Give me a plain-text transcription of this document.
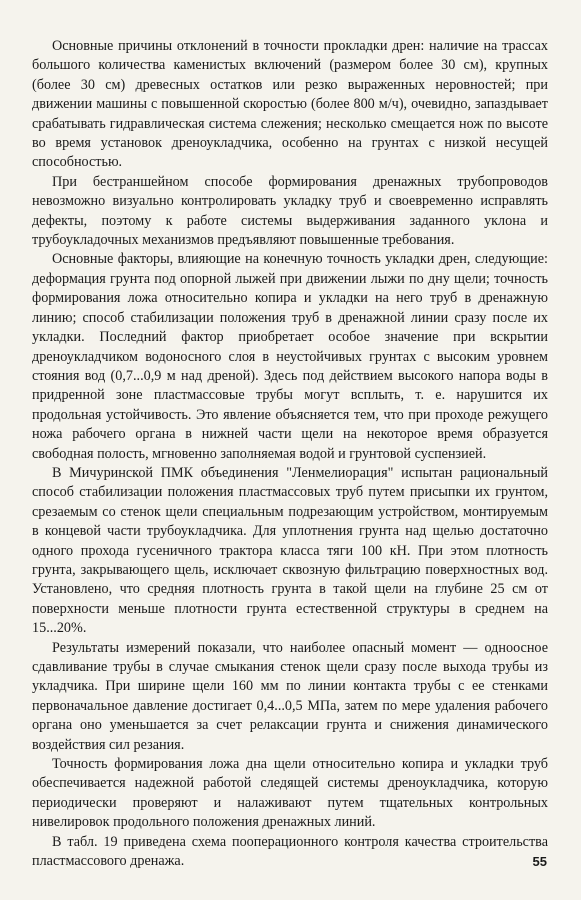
Основные причины отклонений в точности прокладки дрен: наличие на трассах большого количества каменистых включений (размером более 30 см), крупных (более 30 см) древесных остатков или резко выраженных неровностей; при движении машины с повышенной скоростью (более 800 м/ч), очевидно, запаздывает срабатывать гидравлическая система слежения; несколько смещается нож по высоте во время установок дреноукладчика, особенно на грунтах с низкой несущей способностью.

При бестраншейном способе формирования дренажных трубопроводов невозможно визуально контролировать укладку труб и своевременно исправлять дефекты, поэтому к работе системы выдерживания заданного уклона и трубоукладочных механизмов предъявляют повышенные требования.

Основные факторы, влияющие на конечную точность укладки дрен, следующие: деформация грунта под опорной лыжей при движении лыжи по дну щели; точность формирования ложа относительно копира и укладки на него труб в дренажную линию; способ стабилизации положения труб в дренажной линии сразу после их укладки. Последний фактор приобретает особое значение при вскрытии дреноукладчиком водоносного слоя в неустойчивых грунтах с высоким уровнем стояния вод (0,7...0,9 м над дреной). Здесь под действием высокого напора воды в придренной зоне пластмассовые трубы могут всплыть, т. е. нарушится их продольная устойчивость. Это явление объясняется тем, что при проходе режущего ножа рабочего органа в нижней части щели на некоторое время образуется свободная полость, мгновенно заполняемая водой и грунтовой суспензией.

В Мичуринской ПМК объединения "Ленмелиорация" испытан рациональный способ стабилизации положения пластмассовых труб путем присыпки их грунтом, срезаемым со стенок щели специальным подрезающим устройством, монтируемым в концевой части трубоукладчика. Для уплотнения грунта над щелью достаточно одного прохода гусеничного трактора класса тяги 100 кН. При этом плотность грунта, закрывающего щель, исключает сквозную фильтрацию поверхностных вод. Установлено, что средняя плотность грунта в такой щели на глубине 25 см от поверхности меньше плотности грунта естественной структуры в среднем на 15...20%.

Результаты измерений показали, что наиболее опасный момент — одноосное сдавливание трубы в случае смыкания стенок щели сразу после выхода трубы из укладчика. При ширине щели 160 мм по линии контакта трубы с ее стенками первоначальное давление достигает 0,4...0,5 МПа, затем по мере удаления рабочего органа оно уменьшается за счет релаксации грунта и снижения динамического воздействия сил резания.

Точность формирования ложа дна щели относительно копира и укладки труб обеспечивается надежной работой следящей системы дреноукладчика, которую периодически проверяют и налаживают путем тщательных контрольных нивелировок продольного положения дренажных линий.

В табл. 19 приведена схема пооперационного контроля качества строительства пластмассового дренажа.	55
